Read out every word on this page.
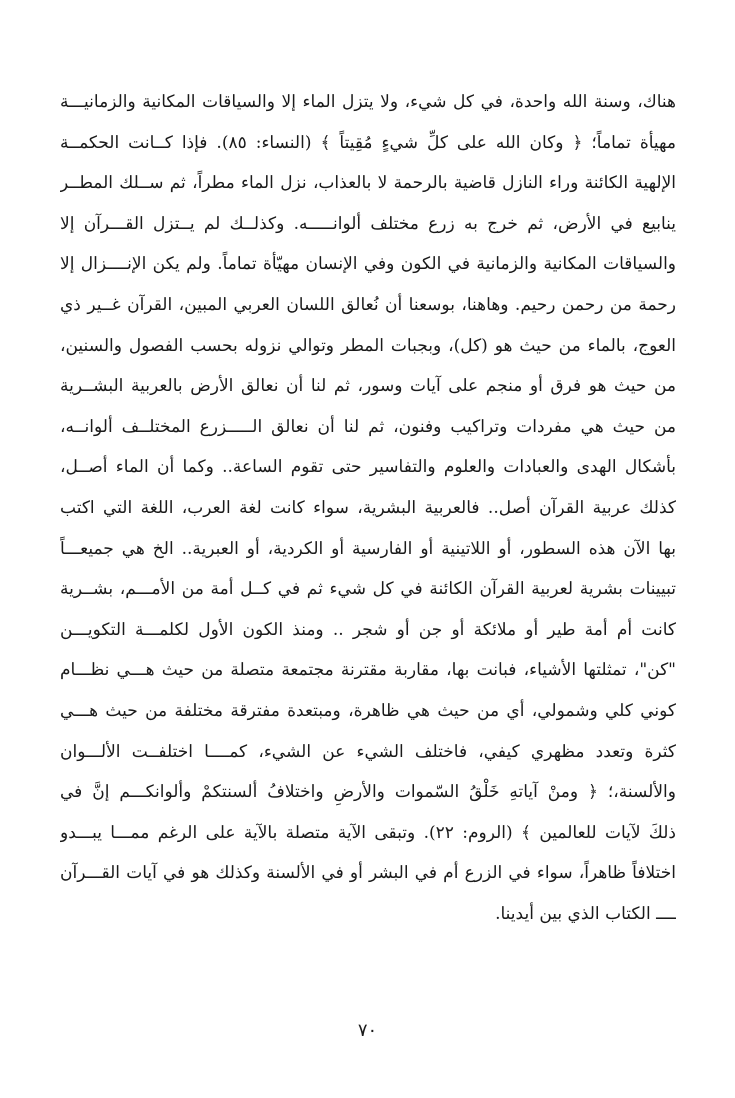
هناك، وسنة الله واحدة، في كل شيء، ولا يتزل الماء إلا والسياقات المكانية والزمانيـــة
مهيأة تماماً؛ ﴿ وكان الله على كلِّ شيءٍ مُقِيتاً ﴾ (النساء: ٨٥). فإذا كــانت الحكمــة
الإلهية الكائنة وراء النازل قاضية بالرحمة لا بالعذاب، نزل الماء مطراً، ثم ســلك المطــر
ينابيع في الأرض، ثم خرج به زرع مختلف ألوانـــــه. وكذلــك لم يــتزل القـــرآن إلا
والسياقات المكانية والزمانية في الكون وفي الإنسان مهيّأة تماماً. ولم يكن الإنــــزال إلا
رحمة من رحمن رحيم. وهاهنا، بوسعنا أن نُعالق اللسان العربي المبين، القرآن غــير ذي
العوج، بالماء من حيث هو (كل)، وبجبات المطر وتوالي نزوله بحسب الفصول والسنين،
من حيث هو فرق أو منجم على آيات وسور، ثم لنا أن نعالق الأرض بالعربية البشــرية
من حيث هي مفردات وتراكيب وفنون، ثم لنا أن نعالق الـــــزرع المختلــف ألوانــه،
بأشكال الهدى والعبادات والعلوم والتفاسير حتى تقوم الساعة.. وكما أن الماء أصــل،
كذلك عربية القرآن أصل.. فالعربية البشرية، سواء كانت لغة العرب، اللغة التي اكتب
بها الآن هذه السطور، أو اللاتينية أو الفارسية أو الكردية، أو العبرية.. الخ هي جميعـــاً
تبيينات بشرية لعربية القرآن الكائنة في كل شيء ثم في كــل أمة من الأمـــم، بشــرية
كانت أم أمة طير أو ملائكة أو جن أو شجر .. ومنذ الكون الأول لكلمـــة التكويـــن
"كن"، تمثلتها الأشياء، فبانت بها، مقاربة مقترنة مجتمعة متصلة من حيث هـــي نظـــام
كوني كلي وشمولي، أي من حيث هي ظاهرة، ومبتعدة مفترقة مختلفة من حيث هـــي
كثرة وتعدد مظهري كيفي، فاختلف الشيء عن الشيء، كمــــا اختلفــت الألـــوان
والألسنة،؛ ﴿ ومنْ آياتهِ خَلْقُ السّموات والأرضِ واختلافُ ألسنتكمْ وألوانكـــم إنَّ في
ذلكَ لآيات للعالمين ﴾ (الروم: ٢٢). وتبقى الآية متصلة بالآية على الرغم ممـــا يبـــدو
اختلافاً ظاهراً، سواء في الزرع أم في البشر أو في الألسنة وكذلك هو في آيات القـــرآن
ــــ الكتاب الذي بين أيدينا.
٧٠
